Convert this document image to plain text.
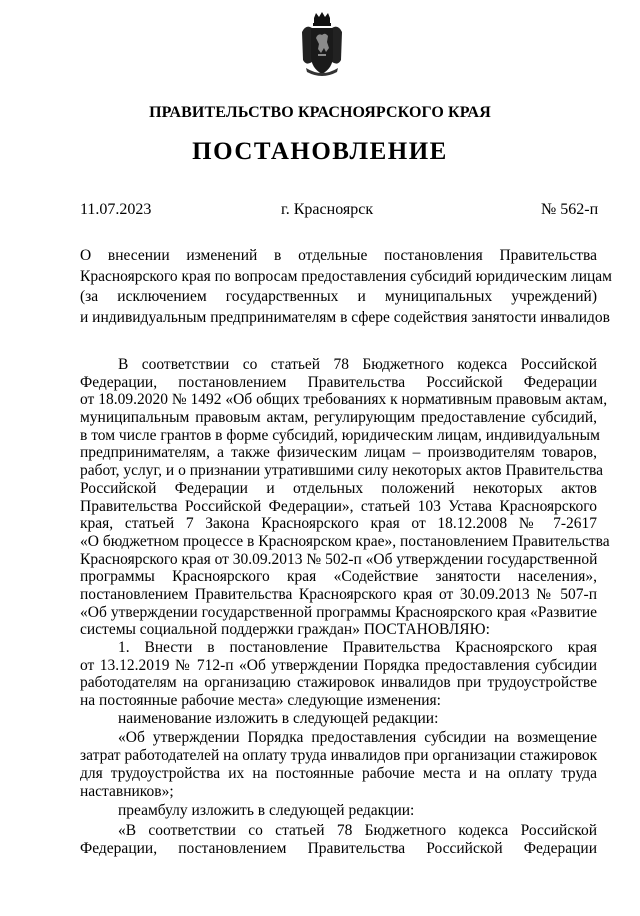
ПРАВИТЕЛЬСТВО КРАСНОЯРСКОГО КРАЯ
ПОСТАНОВЛЕНИЕ
11.07.2023	г. Красноярск	№ 562-п
О внесении изменений в отдельные постановления Правительства
Красноярского края по вопросам предоставления субсидий юридическим лицам
(за исключением государственных и муниципальных учреждений)
и индивидуальным предпринимателям в сфере содействия занятости инвалидов
В соответствии со статьей 78 Бюджетного кодекса Российской
Федерации, постановлением Правительства Российской Федерации
от 18.09.2020 № 1492 «Об общих требованиях к нормативным правовым актам,
муниципальным правовым актам, регулирующим предоставление субсидий,
в том числе грантов в форме субсидий, юридическим лицам, индивидуальным
предпринимателям, а также физическим лицам – производителям товаров,
работ, услуг, и о признании утратившими силу некоторых актов Правительства
Российской Федерации и отдельных положений некоторых актов
Правительства Российской Федерации», статьей 103 Устава Красноярского
края, статьей 7 Закона Красноярского края от 18.12.2008 № 7-2617
«О бюджетном процессе в Красноярском крае», постановлением Правительства
Красноярского края от 30.09.2013 № 502-п «Об утверждении государственной
программы Красноярского края «Содействие занятости населения»,
постановлением Правительства Красноярского края от 30.09.2013 № 507-п
«Об утверждении государственной программы Красноярского края «Развитие
системы социальной поддержки граждан» ПОСТАНОВЛЯЮ:
1. Внести в постановление Правительства Красноярского края
от 13.12.2019 № 712-п «Об утверждении Порядка предоставления субсидии
работодателям на организацию стажировок инвалидов при трудоустройстве
на постоянные рабочие места» следующие изменения:
наименование изложить в следующей редакции:
«Об утверждении Порядка предоставления субсидии на возмещение
затрат работодателей на оплату труда инвалидов при организации стажировок
для трудоустройства их на постоянные рабочие места и на оплату труда
наставников»;
преамбулу изложить в следующей редакции:
«В соответствии со статьей 78 Бюджетного кодекса Российской
Федерации, постановлением Правительства Российской Федерации
